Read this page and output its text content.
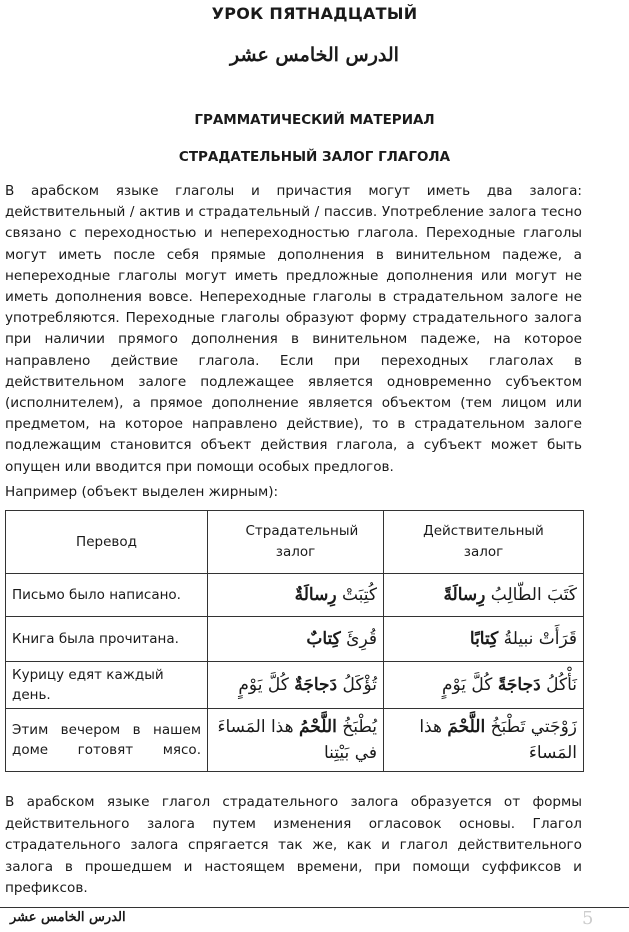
УРОК ПЯТНАДЦАТЫЙ
الدرس الخامس عشر
ГРАММАТИЧЕСКИЙ МАТЕРИАЛ
СТРАДАТЕЛЬНЫЙ ЗАЛОГ ГЛАГОЛА

В арабском языке глаголы и причастия могут иметь два залога: действительный / актив и страдательный / пассив. Употребление залога тесно связано с переходностью и непереходностью глагола. Переходные глаголы могут иметь после себя прямые дополнения в винительном падеже, а непереходные глаголы могут иметь предложные дополнения или могут не иметь дополнения вовсе. Непереходные глаголы в страдательном залоге не употребляются. Переходные глаголы образуют форму страдательного залога при наличии прямого дополнения в винительном падеже, на которое направлено действие глагола. Если при переходных глаголах в действительном залоге подлежащее является одновременно субъектом (исполнителем), а прямое дополнение является объектом (тем лицом или предметом, на которое направлено действие), то в страдательном залоге подлежащим становится объект действия глагола, а субъект может быть опущен или вводится при помощи особых предлогов.

Например (объект выделен жирным):
Перевод	Страдательный залог	Действительный залог

Письмо было написано.	كُتِبَتْ رِسالَةٌ	كَتَبَ الطّالِبُ رِسالَةً
Книга была прочитана.	قُرِئَ كِتابٌ	قَرَأَتْ نبيلةُ كِتابًا
Курицу едят каждый день.	تُؤْكَلُ دَجاجَةٌ كُلَّ يَوْمٍ	نَأْكُلُ دَجاجَةً كُلَّ يَوْمٍ

Этим вечером в нашем доме готовят мясо.	يُطْبَخُ اللَّحْمُ هذا المَساءَ في بَيْتِنا	زَوْجَتي تَطْبَخُ اللَّحْمَ هذا المَساءَ

В арабском языке глагол страдательного залога образуется от формы действительного залога путем изменения огласовок основы. Глагол страдательного залога спрягается так же, как и глагол действительного залога в прошедшем и настоящем времени, при помощи суффиксов и префиксов.

الدرس الخامس عشر	5
